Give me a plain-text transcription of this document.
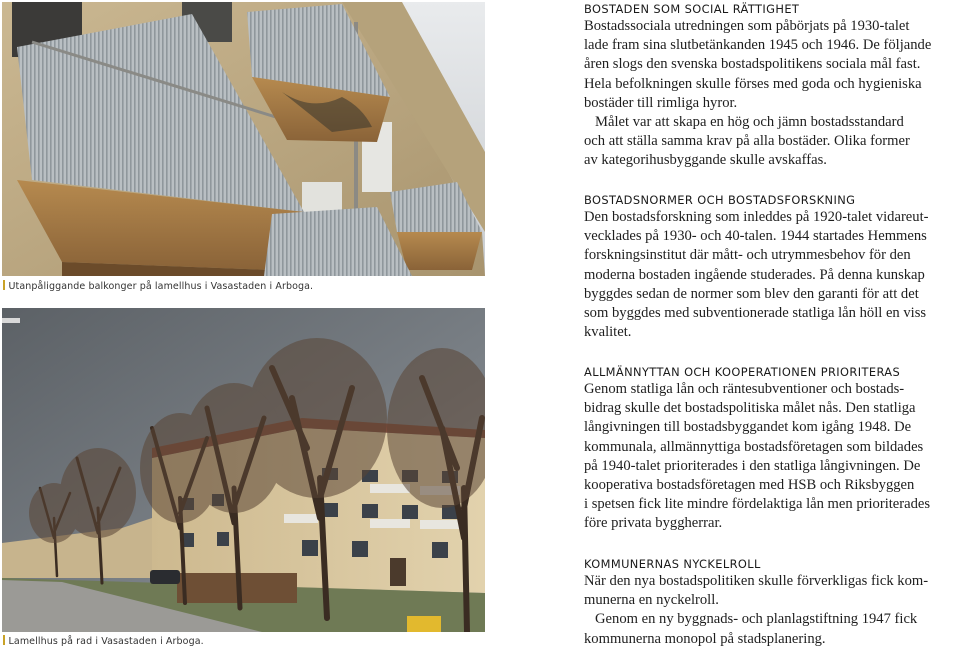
Utanpåliggande balkonger på lamellhus i Vasastaden i Arboga.
Lamellhus på rad i Vasastaden i Arboga.
BOSTADEN SOM SOCIAL RÄTTIGHET
Bostadssociala utredningen som påbörjats på 1930-talet
lade fram sina slutbetänkanden 1945 och 1946. De följande
åren slogs den svenska bostadspolitikens sociala mål fast.
Hela befolkningen skulle förses med goda och hygieniska
bostäder till rimliga hyror.
Målet var att skapa en hög och jämn bostadsstandard
och att ställa samma krav på alla bostäder. Olika former
av kategorihusbyggande skulle avskaffas.
BOSTADSNORMER OCH BOSTADSFORSKNING
Den bostadsforskning som inleddes på 1920-talet vidareut-
vecklades på 1930- och 40-talen. 1944 startades Hemmens
forskningsinstitut där mått- och utrymmesbehov för den
moderna bostaden ingående studerades. På denna kunskap
byggdes sedan de normer som blev den garanti för att det
som byggdes med subventionerade statliga lån höll en viss
kvalitet.
ALLMÄNNYTTAN OCH KOOPERATIONEN PRIORITERAS
Genom statliga lån och räntesubventioner och bostads-
bidrag skulle det bostadspolitiska målet nås. Den statliga
långivningen till bostadsbyggandet kom igång 1948. De
kommunala, allmännyttiga bostadsföretagen som bildades
på 1940-talet prioriterades i den statliga långivningen. De
kooperativa bostadsföretagen med HSB och Riksbyggen
i spetsen fick lite mindre fördelaktiga lån men prioriterades
före privata byggherrar.
KOMMUNERNAS NYCKELROLL
När den nya bostadspolitiken skulle förverkligas fick kom-
munerna en nyckelroll.
Genom en ny byggnads- och planlagstiftning 1947 fick
kommunerna monopol på stadsplanering.
